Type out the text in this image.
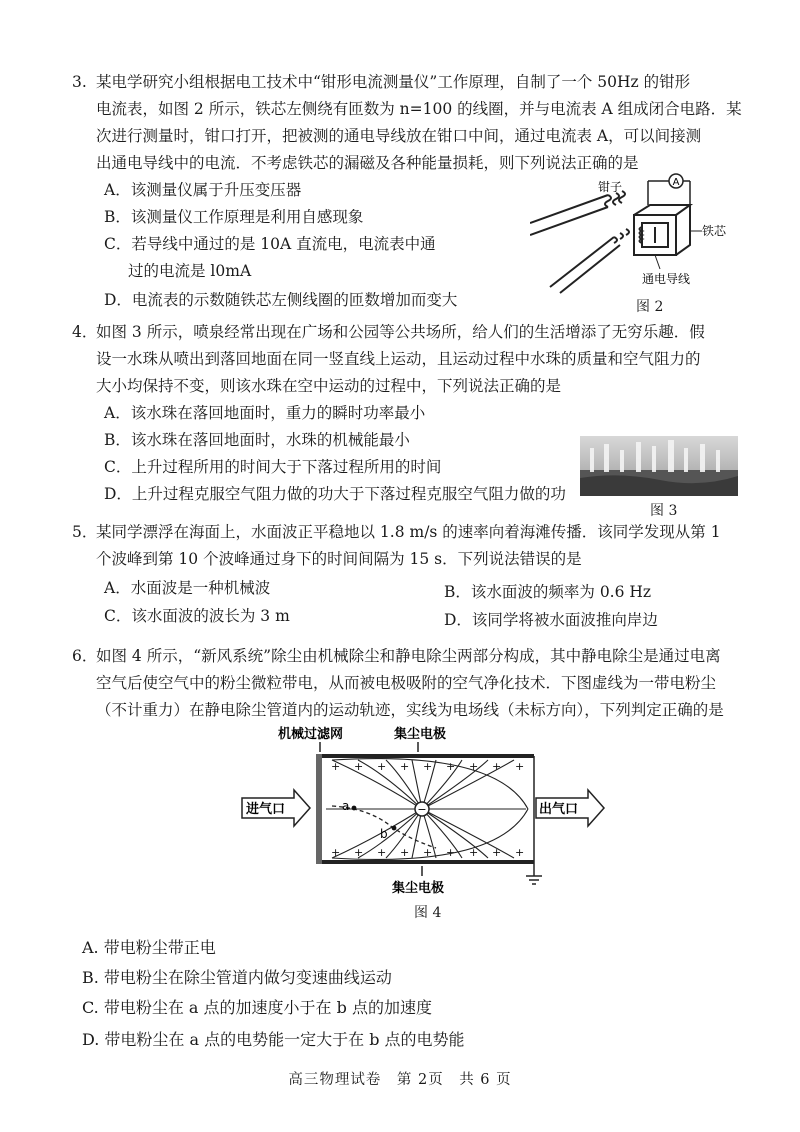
3. 某电学研究小组根据电工技术中“钳形电流测量仪”工作原理，自制了一个 50Hz 的钳形
电流表，如图 2 所示，铁芯左侧绕有匝数为 n=100 的线圈，并与电流表 A 组成闭合电路．某
次进行测量时，钳口打开，把被测的通电导线放在钳口中间，通过电流表 A，可以间接测
出通电导线中的电流．不考虑铁芯的漏磁及各种能量损耗，则下列说法正确的是
A．该测量仪属于升压变压器
B．该测量仪工作原理是利用自感现象
C．若导线中通过的是 10A 直流电，电流表中通
过的电流是 l0mA
D．电流表的示数随铁芯左侧线圈的匝数增加而变大
A
钳子
铁芯
通电导线
图 2
4．
如图 3 所示，喷泉经常出现在广场和公园等公共场所，给人们的生活增添了无穷乐趣．假
设一水珠从喷出到落回地面在同一竖直线上运动，且运动过程中水珠的质量和空气阻力的
大小均保持不变，则该水珠在空中运动的过程中，下列说法正确的是
A．该水珠在落回地面时，重力的瞬时功率最小
B．该水珠在落回地面时，水珠的机械能最小
C．上升过程所用的时间大于下落过程所用的时间
D．上升过程克服空气阻力做的功大于下落过程克服空气阻力做的功
图 3
5．
某同学漂浮在海面上，水面波正平稳地以 1.8 m/s 的速率向着海滩传播．该同学发现从第 1
个波峰到第 10 个波峰通过身下的时间间隔为 15 s．下列说法错误的是
A．水面波是一种机械波	B．该水面波的频率为 0.6 Hz
C．该水面波的波长为 3 m	D．该同学将被水面波推向岸边
6．
如图 4 所示，“新风系统”除尘由机械除尘和静电除尘两部分构成，其中静电除尘是通过电离
空气后使空气中的粉尘微粒带电，从而被电极吸附的空气净化技术．下图虚线为一带电粉尘
（不计重力）在静电除尘管道内的运动轨迹，实线为电场线（未标方向），下列判定正确的是
机械过滤网	集尘电极
+ + + + + + + + +
+ + + + + + + + +
−
a
b
进气口	出气口
集尘电极
图 4
A. 带电粉尘带正电
B. 带电粉尘在除尘管道内做匀变速曲线运动
C. 带电粉尘在 a 点的加速度小于在 b 点的加速度
D. 带电粉尘在 a 点的电势能一定大于在 b 点的电势能
高三物理试卷　第 2页　共 6 页
